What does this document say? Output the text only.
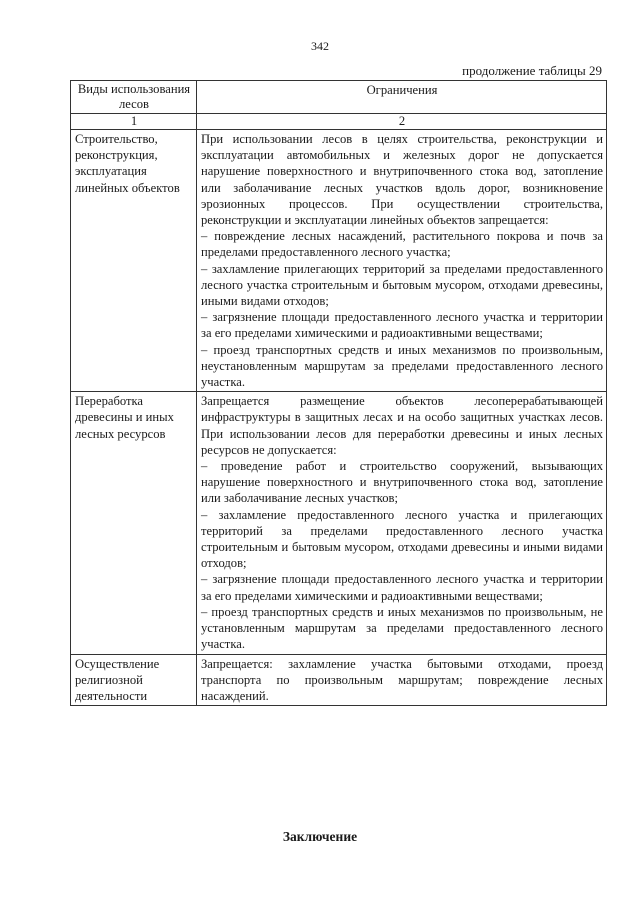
342
продолжение таблицы 29
Виды использования лесов	Ограничения
1	2
Строительство, реконструкция, эксплуатация линейных объектов	При использовании лесов в целях строительства, реконструкции и эксплуатации автомобильных и железных дорог не допускается нарушение поверхностного и внутрипочвенного стока вод, затопление или заболачивание лесных участков вдоль дорог, возникновение эрозионных процессов. При осуществлении строительства, реконструкции и эксплуатации линейных объектов запрещается:
– повреждение лесных насаждений, растительного покрова и почв за пределами предоставленного лесного участка;
– захламление прилегающих территорий за пределами предоставленного лесного участка строительным и бытовым мусором, отходами древесины, иными видами отходов;
– загрязнение площади предоставленного лесного участка и территории за его пределами химическими и радиоактивными веществами;
– проезд транспортных средств и иных механизмов по произвольным, неустановленным маршрутам за пределами предоставленного лесного участка.

Переработка древесины и иных лесных ресурсов	Запрещается размещение объектов лесоперерабатывающей инфраструктуры в защитных лесах и на особо защитных участках лесов. При использовании лесов для переработки древесины и иных лесных ресурсов не допускается:
– проведение работ и строительство сооружений, вызывающих нарушение поверхностного и внутрипочвенного стока вод, затопление или заболачивание лесных участков;
– захламление предоставленного лесного участка и прилегающих территорий за пределами предоставленного лесного участка строительным и бытовым мусором, отходами древесины и иными видами отходов;
– загрязнение площади предоставленного лесного участка и территории за его пределами химическими и радиоактивными веществами;
– проезд транспортных средств и иных механизмов по произвольным, не установленным маршрутам за пределами предоставленного лесного участка.

Осуществление религиозной деятельности	Запрещается: захламление участка бытовыми отходами, проезд транспорта по произвольным маршрутам; повреждение лесных насаждений.
Заключение
